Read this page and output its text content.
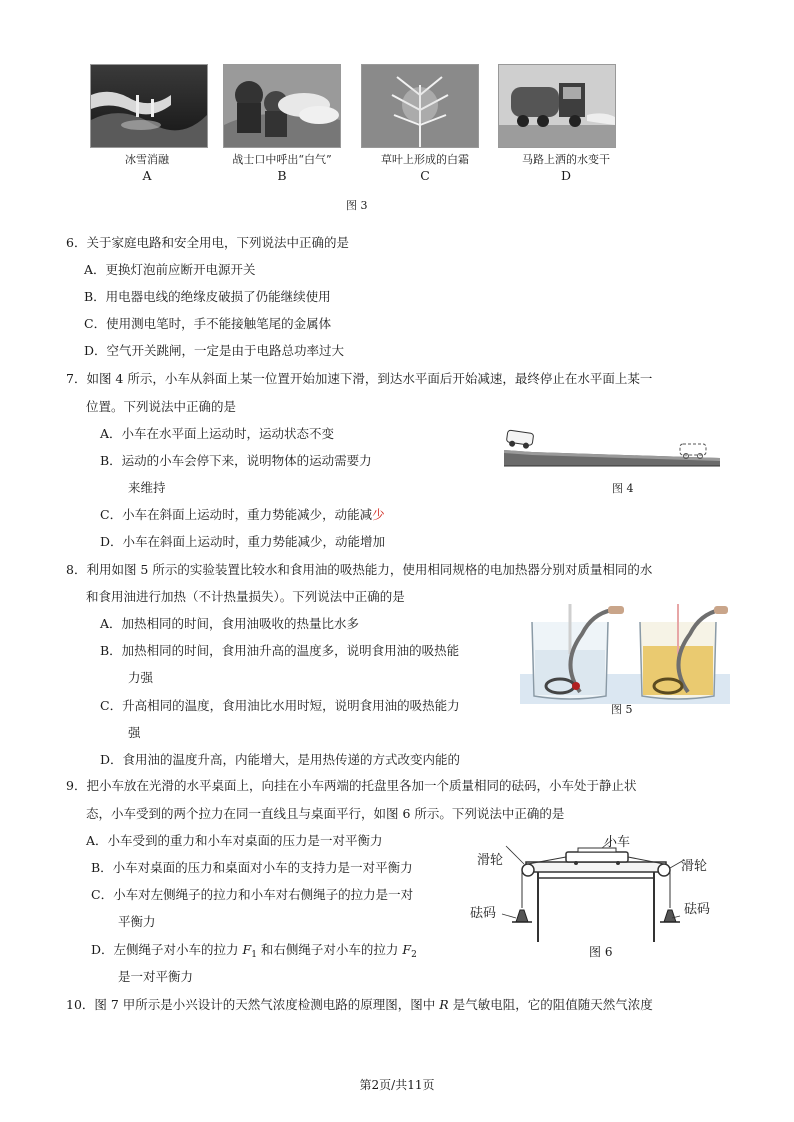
冰雪消融	战士口中呼出“白气”	草叶上形成的白霜	马路上洒的水变干
A	B	C	D
图 3
6．关于家庭电路和安全用电，下列说法中正确的是
A．更换灯泡前应断开电源开关
B．用电器电线的绝缘皮破损了仍能继续使用
C．使用测电笔时，手不能接触笔尾的金属体
D．空气开关跳闸，一定是由于电路总功率过大
7．如图 4 所示，小车从斜面上某一位置开始加速下滑，到达水平面后开始减速，最终停止在水平面上某一
位置。下列说法中正确的是
A．小车在水平面上运动时，运动状态不变
B．运动的小车会停下来，说明物体的运动需要力
来维持
C．小车在斜面上运动时，重力势能减少，动能减少
D．小车在斜面上运动时，重力势能减少，动能增加
图 4
8．利用如图 5 所示的实验装置比较水和食用油的吸热能力，使用相同规格的电加热器分别对质量相同的水
和食用油进行加热（不计热量损失）。下列说法中正确的是
A．加热相同的时间，食用油吸收的热量比水多
B．加热相同的时间，食用油升高的温度多，说明食用油的吸热能
力强
C．升高相同的温度，食用油比水用时短，说明食用油的吸热能力
强
D．食用油的温度升高，内能增大，是用热传递的方式改变内能的
图 5
9．把小车放在光滑的水平桌面上，向挂在小车两端的托盘里各加一个质量相同的砝码，小车处于静止状
态，小车受到的两个拉力在同一直线且与桌面平行，如图 6 所示。下列说法中正确的是
A．小车受到的重力和小车对桌面的压力是一对平衡力
B．小车对桌面的压力和桌面对小车的支持力是一对平衡力
C．小车对左侧绳子的拉力和小车对右侧绳子的拉力是一对
平衡力
D．左侧绳子对小车的拉力 $F_1$ 和右侧绳子对小车的拉力 $F_2$
是一对平衡力
小车
滑轮	滑轮
砝码	砝码
图 6
10．图 7 甲所示是小兴设计的天然气浓度检测电路的原理图，图中 R 是气敏电阻，它的阻值随天然气浓度
第2页/共11页
